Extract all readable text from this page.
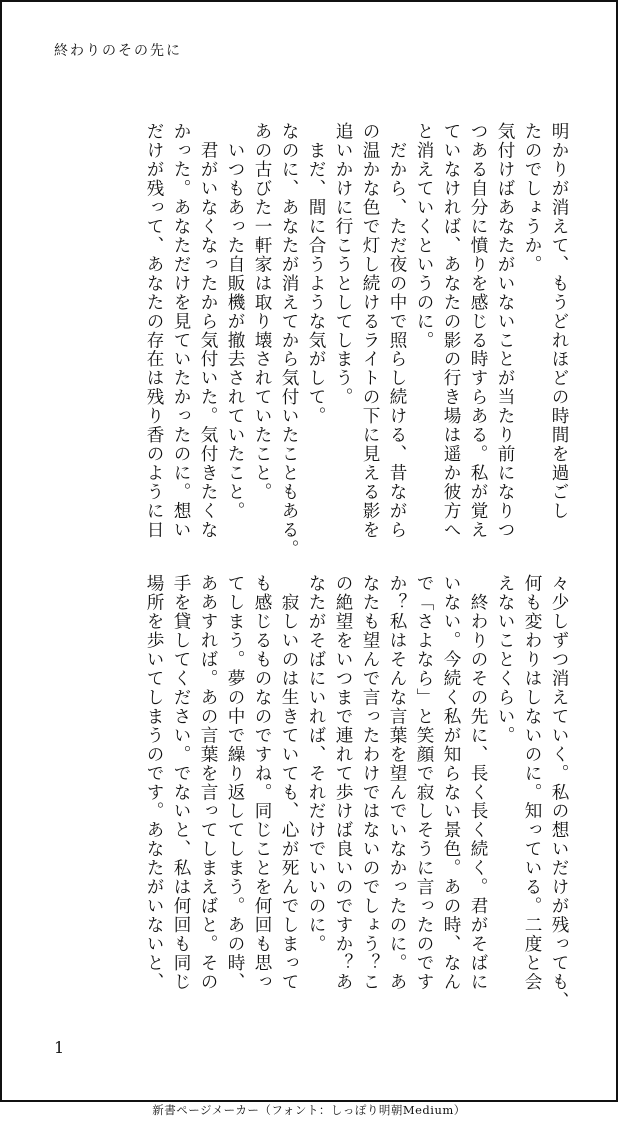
終わりのその先に
明かりが消えて、もうどれほどの時間を過ごし
たのでしょうか。
気付けばあなたがいないことが当たり前になりつ
つある自分に憤りを感じる時すらある。私が覚え
ていなければ、あなたの影の行き場は遥か彼方へ
と消えていくというのに。
　だから、ただ夜の中で照らし続ける、昔ながら
の温かな色で灯し続けるライトの下に見える影を
追いかけに行こうとしてしまう。
　まだ、間に合うような気がして。
なのに、あなたが消えてから気付いたこともある。
あの古びた一軒家は取り壊されていたこと。
　いつもあった自販機が撤去されていたこと。
　君がいなくなったから気付いた。気付きたくな
かった。あなただけを見ていたかったのに。想い
だけが残って、あなたの存在は残り香のように日
々少しずつ消えていく。私の想いだけが残っても、
何も変わりはしないのに。知っている。二度と会
えないことくらい。
　終わりのその先に、長く長く続く。君がそばに
いない。今続く私が知らない景色。あの時、なん
で「さよなら」と笑顔で寂しそうに言ったのです
か？私はそんな言葉を望んでいなかったのに。あ
なたも望んで言ったわけではないのでしょう？こ
の絶望をいつまで連れて歩けば良いのですか？あ
なたがそばにいれば、それだけでいいのに。
　寂しいのは生きていても、心が死んでしまって
も感じるものなのですね。同じことを何回も思っ
てしまう。夢の中で繰り返してしまう。あの時、
ああすれば。あの言葉を言ってしまえばと。その
手を貸してください。でないと、私は何回も同じ
場所を歩いてしまうのです。あなたがいないと、
1
新書ページメーカー（フォント：しっぽり明朝Medium）
